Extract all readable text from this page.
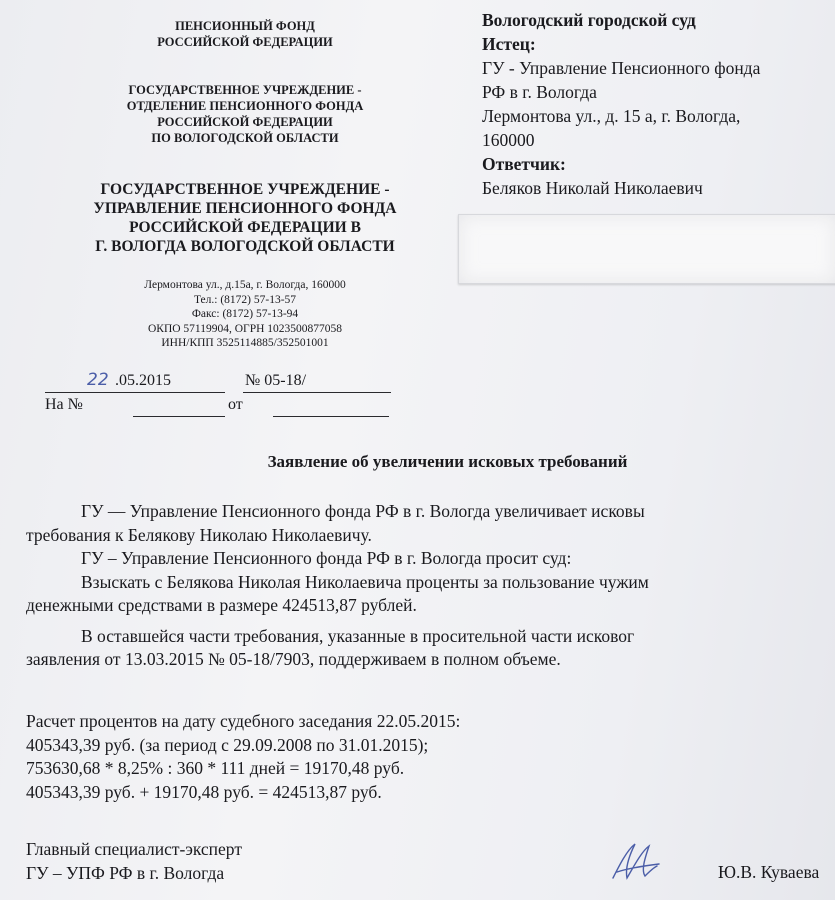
ПЕНСИОННЫЙ ФОНД
РОССИЙСКОЙ ФЕДЕРАЦИИ
ГОСУДАРСТВЕННОЕ УЧРЕЖДЕНИЕ -
ОТДЕЛЕНИЕ ПЕНСИОННОГО ФОНДА
РОССИЙСКОЙ ФЕДЕРАЦИИ
ПО ВОЛОГОДСКОЙ ОБЛАСТИ
ГОСУДАРСТВЕННОЕ УЧРЕЖДЕНИЕ -
УПРАВЛЕНИЕ ПЕНСИОННОГО ФОНДА
РОССИЙСКОЙ ФЕДЕРАЦИИ В
Г. ВОЛОГДА ВОЛОГОДСКОЙ ОБЛАСТИ
Лермонтова ул., д.15а, г. Вологда, 160000
Тел.: (8172) 57-13-57
Факс: (8172) 57-13-94
ОКПО 57119904, ОГРН 1023500877058
ИНН/КПП 3525114885/352501001
22 .05.2015	№ 05-18/
На №	от
Вологодский городской суд
Истец:
ГУ - Управление Пенсионного фонда
РФ в г. Вологда
Лермонтова ул., д. 15 а, г. Вологда,
160000
Ответчик:
Беляков Николай Николаевич
Заявление об увеличении исковых требований
ГУ — Управление Пенсионного фонда РФ в г. Вологда увеличивает исковы
требования к Белякову Николаю Николаевичу.
ГУ – Управление Пенсионного фонда РФ в г. Вологда просит суд:
Взыскать с Белякова Николая Николаевича проценты за пользование чужим
денежными средствами в размере 424513,87 рублей.
В оставшейся части требования, указанные в просительной части исковог
заявления от 13.03.2015 № 05-18/7903, поддерживаем в полном объеме.
Расчет процентов на дату судебного заседания 22.05.2015:
405343,39 руб. (за период с 29.09.2008 по 31.01.2015);
753630,68 * 8,25% : 360 * 111 дней = 19170,48 руб.
405343,39 руб. + 19170,48 руб. = 424513,87 руб.
Главный специалист-эксперт
ГУ – УПФ РФ в г. Вологда	Ю.В. Куваева
